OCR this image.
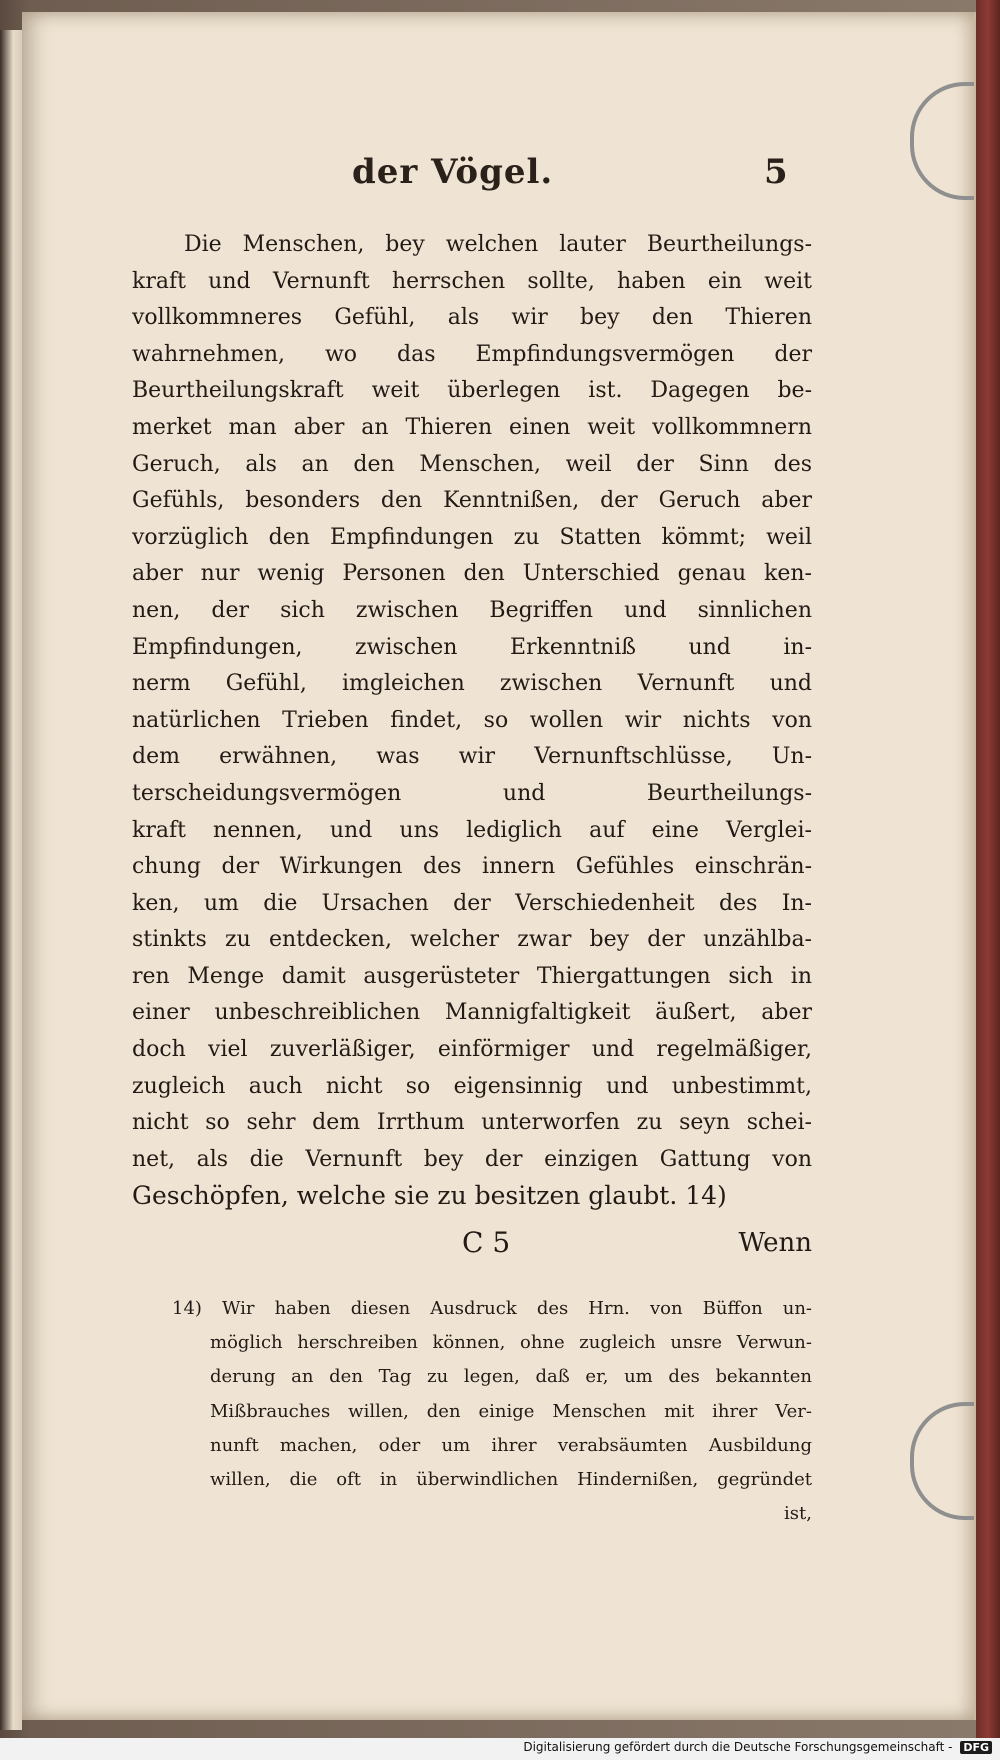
der Vögel.	5
Die Menschen, bey welchen lauter Beurtheilungs-
kraft und Vernunft herrschen sollte, haben ein weit
vollkommneres Gefühl, als wir bey den Thieren
wahrnehmen, wo das Empfindungsvermögen der
Beurtheilungskraft weit überlegen ist. Dagegen be-
merket man aber an Thieren einen weit vollkommnern
Geruch, als an den Menschen, weil der Sinn des
Gefühls, besonders den Kenntnißen, der Geruch aber
vorzüglich den Empfindungen zu Statten kömmt; weil
aber nur wenig Personen den Unterschied genau ken-
nen, der sich zwischen Begriffen und sinnlichen
Empfindungen, zwischen Erkenntniß und in-
nerm Gefühl, imgleichen zwischen Vernunft und
natürlichen Trieben findet, so wollen wir nichts von
dem erwähnen, was wir Vernunftschlüsse, Un-
terscheidungsvermögen und Beurtheilungs-
kraft nennen, und uns lediglich auf eine Verglei-
chung der Wirkungen des innern Gefühles einschrän-
ken, um die Ursachen der Verschiedenheit des In-
stinkts zu entdecken, welcher zwar bey der unzählba-
ren Menge damit ausgerüsteter Thiergattungen sich in
einer unbeschreiblichen Mannigfaltigkeit äußert, aber
doch viel zuverläßiger, einförmiger und regelmäßiger,
zugleich auch nicht so eigensinnig und unbestimmt,
nicht so sehr dem Irrthum unterworfen zu seyn schei-
net, als die Vernunft bey der einzigen Gattung von
Geschöpfen, welche sie zu besitzen glaubt. 14)
C 5	Wenn
14) Wir haben diesen Ausdruck des Hrn. von Büffon un-
möglich herschreiben können, ohne zugleich unsre Verwun-
derung an den Tag zu legen, daß er, um des bekannten
Mißbrauches willen, den einige Menschen mit ihrer Ver-
nunft machen, oder um ihrer verabsäumten Ausbildung
willen, die oft in überwindlichen Hindernißen, gegründet
ist,
Digitalisierung gefördert durch die Deutsche Forschungsgemeinschaft - DFG
